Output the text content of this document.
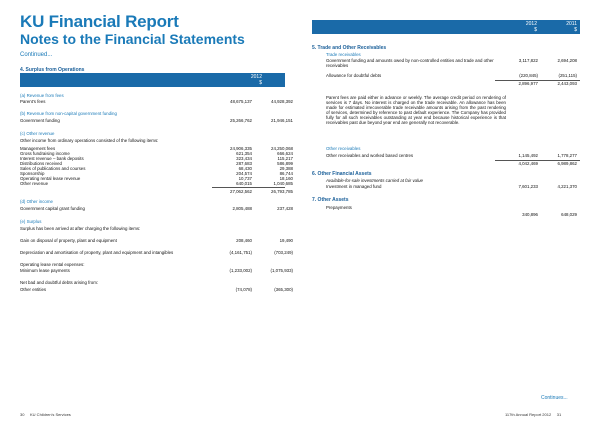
KU Financial Report
Notes to the Financial Statements
Continued...
4. Surplus from Operations
2012	2011
$	$
(a) Revenue from fees
Parent's fees	48,675,137	44,928,392
(b) Revenue from non-capital government funding
Government funding	25,266,762	21,946,151
(c) Other revenue
Other income from ordinary operations consisted of the following items:
Management fees	24,906,335	24,250,068
Gross fundraising income	621,354	666,624
Interest revenue – bank deposits	323,434	115,217
Distributions received	287,683	586,899
Sales of publications and courses	68,430	29,388
Sponsorship	204,574	86,744
Operating rental lease revenue	10,737	18,160
Other revenue	640,015	1,040,685
27,062,562	26,793,785
(d) Other income
Government capital grant funding	2,805,488	237,428
(e) Surplus
Surplus has been arrived at after charging the following items:
Gain on disposal of property, plant and equipment	208,460	19,490
Depreciation and amortisation of property, plant and equipment and intangibles	(4,161,751)	(703,249)
Operating lease rental expenses:
Minimum lease payments	(1,233,002)	(1,075,933)
Net bad and doubtful debts arising from:
Other entities	(74,078)	(365,300)
30 KU Children's Services
2012	2011
$	$
5. Trade and Other Receivables
Trade receivables
Government funding and amounts owed by non-controlled entities and trade and other receivables
3,117,822	2,694,208
Allowance for doubtful debts	(220,845)	(251,115)
2,896,977	2,443,093
Parent fees are paid either in advance or weekly. The average credit period on rendering of services is 7 days. No interest is charged on the trade receivable. An allowance has been made for estimated irrecoverable trade receivable amounts arising from the past rendering of services, determined by reference to past default experience. The Company has provided fully for all such receivables outstanding at year end because historical experience is that receivables past due beyond year end are generally not recoverable.
Other receivables
Other receivables and worked based centres	1,145,492	1,778,277
4,042,469	6,989,862
6. Other Financial Assets
Available-for-sale investments carried at fair value
Investment in managed fund	7,601,233	4,221,370
7. Other Assets
Prepayments
340,896	648,029
Continues...
117th Annual Report 2012 31
